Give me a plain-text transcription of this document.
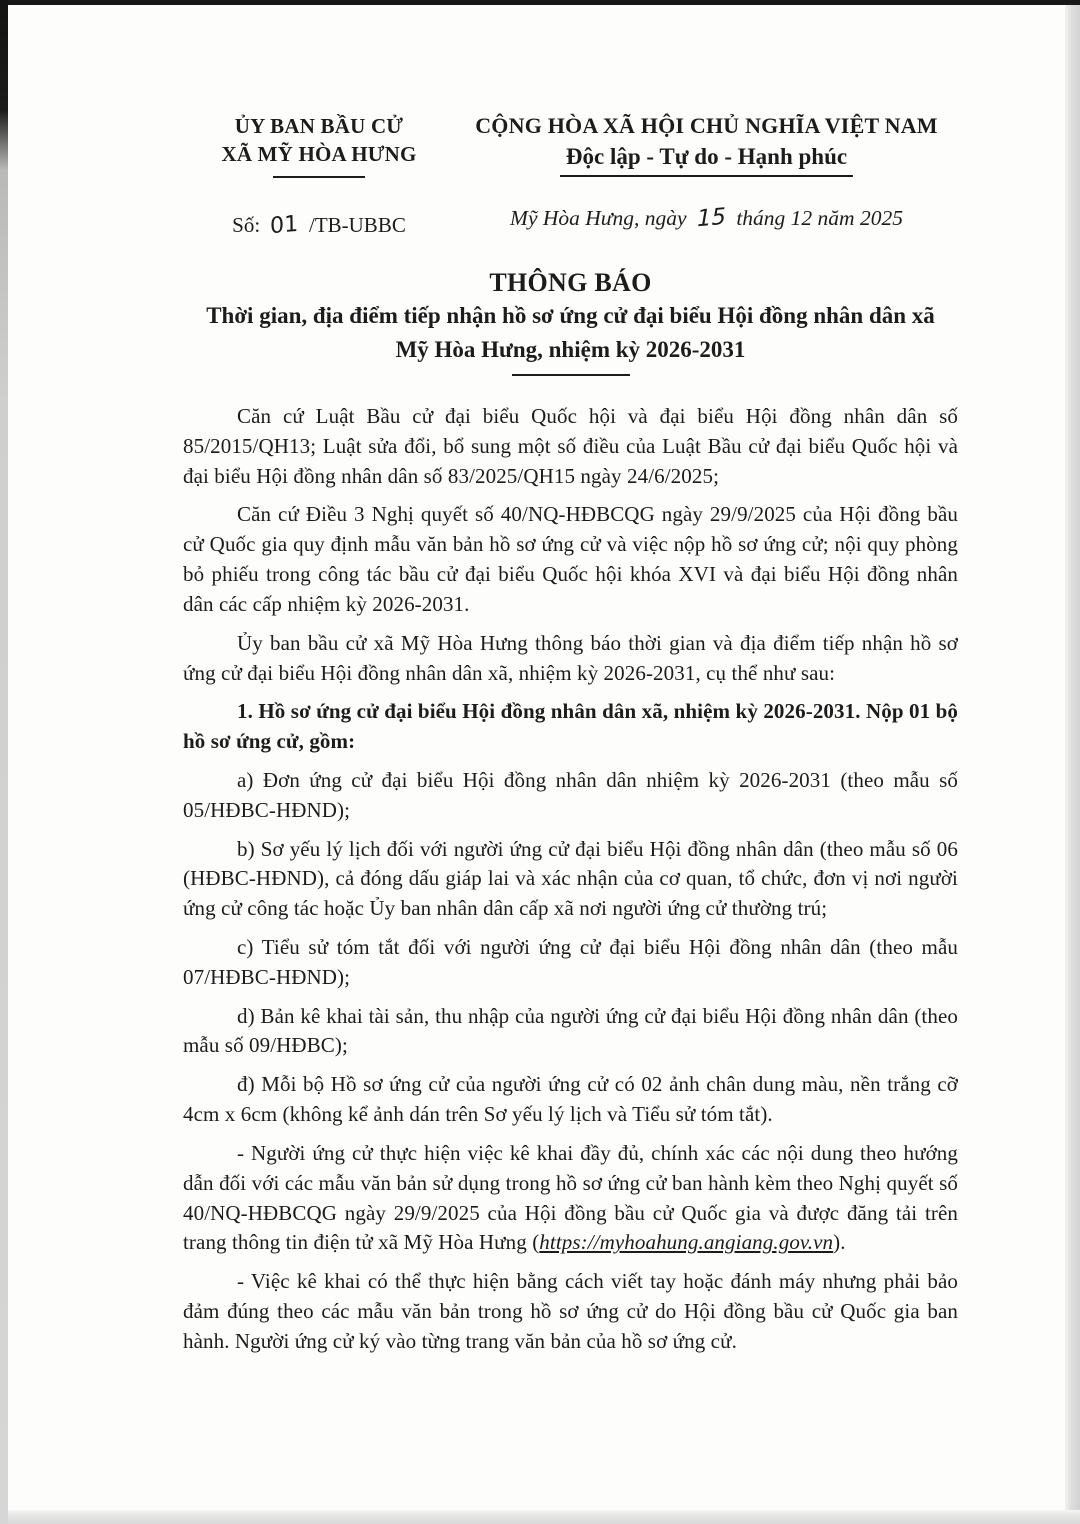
ỦY BAN BẦU CỬ
XÃ MỸ HÒA HƯNG
Số: 01 /TB-UBBC
CỘNG HÒA XÃ HỘI CHỦ NGHĨA VIỆT NAM
Độc lập - Tự do - Hạnh phúc
Mỹ Hòa Hưng, ngày 15 tháng 12 năm 2025
THÔNG BÁO
Thời gian, địa điểm tiếp nhận hồ sơ ứng cử đại biểu Hội đồng nhân dân xã
Mỹ Hòa Hưng, nhiệm kỳ 2026-2031

Căn cứ Luật Bầu cử đại biểu Quốc hội và đại biểu Hội đồng nhân dân số 85/2015/QH13; Luật sửa đổi, bổ sung một số điều của Luật Bầu cử đại biểu Quốc hội và đại biểu Hội đồng nhân dân số 83/2025/QH15 ngày 24/6/2025;

Căn cứ Điều 3 Nghị quyết số 40/NQ-HĐBCQG ngày 29/9/2025 của Hội đồng bầu cử Quốc gia quy định mẫu văn bản hồ sơ ứng cử và việc nộp hồ sơ ứng cử; nội quy phòng bỏ phiếu trong công tác bầu cử đại biểu Quốc hội khóa XVI và đại biểu Hội đồng nhân dân các cấp nhiệm kỳ 2026-2031.

Ủy ban bầu cử xã Mỹ Hòa Hưng thông báo thời gian và địa điểm tiếp nhận hồ sơ ứng cử đại biểu Hội đồng nhân dân xã, nhiệm kỳ 2026-2031, cụ thể như sau:

1. Hồ sơ ứng cử đại biểu Hội đồng nhân dân xã, nhiệm kỳ 2026-2031. Nộp 01 bộ hồ sơ ứng cử, gồm:

a) Đơn ứng cử đại biểu Hội đồng nhân dân nhiệm kỳ 2026-2031 (theo mẫu số 05/HĐBC-HĐND);

b) Sơ yếu lý lịch đối với người ứng cử đại biểu Hội đồng nhân dân (theo mẫu số 06 (HĐBC-HĐND), cả đóng dấu giáp lai và xác nhận của cơ quan, tổ chức, đơn vị nơi người ứng cử công tác hoặc Ủy ban nhân dân cấp xã nơi người ứng cử thường trú;

c) Tiểu sử tóm tắt đối với người ứng cử đại biểu Hội đồng nhân dân (theo mẫu 07/HĐBC-HĐND);

d) Bản kê khai tài sản, thu nhập của người ứng cử đại biểu Hội đồng nhân dân (theo mẫu số 09/HĐBC);

đ) Mỗi bộ Hồ sơ ứng cử của người ứng cử có 02 ảnh chân dung màu, nền trắng cỡ 4cm x 6cm (không kể ảnh dán trên Sơ yếu lý lịch và Tiểu sử tóm tắt).

- Người ứng cử thực hiện việc kê khai đầy đủ, chính xác các nội dung theo hướng dẫn đối với các mẫu văn bản sử dụng trong hồ sơ ứng cử ban hành kèm theo Nghị quyết số 40/NQ-HĐBCQG ngày 29/9/2025 của Hội đồng bầu cử Quốc gia và được đăng tải trên trang thông tin điện tử xã Mỹ Hòa Hưng (https://myhoahung.angiang.gov.vn).

- Việc kê khai có thể thực hiện bằng cách viết tay hoặc đánh máy nhưng phải bảo đảm đúng theo các mẫu văn bản trong hồ sơ ứng cử do Hội đồng bầu cử Quốc gia ban hành. Người ứng cử ký vào từng trang văn bản của hồ sơ ứng cử.
